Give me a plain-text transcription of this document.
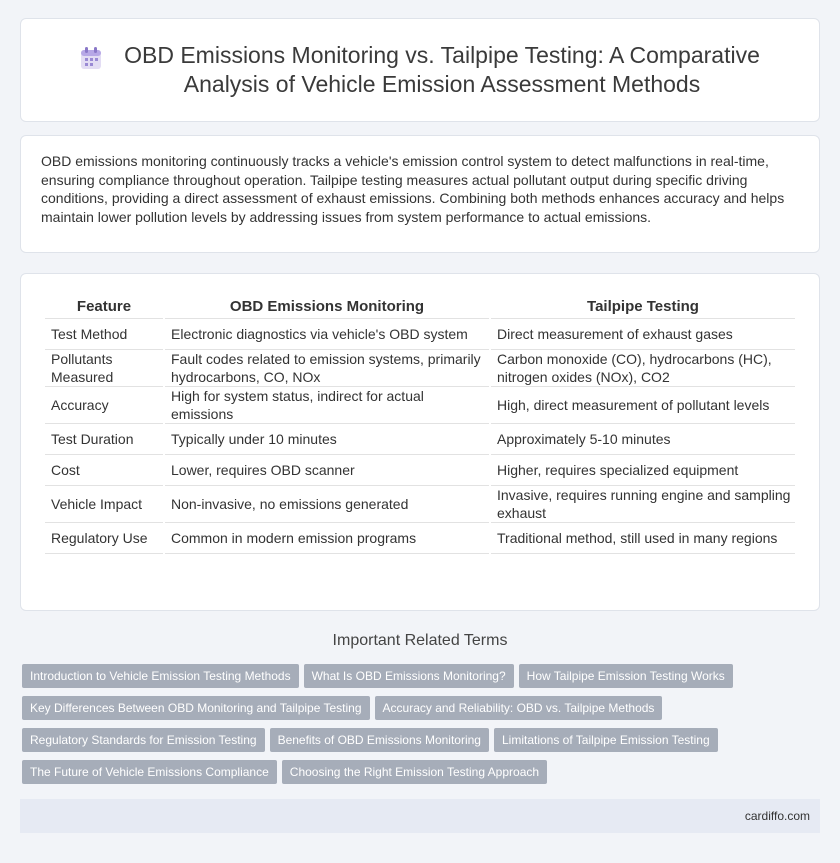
OBD Emissions Monitoring vs. Tailpipe Testing: A Comparative Analysis of Vehicle Emission Assessment Methods
OBD emissions monitoring continuously tracks a vehicle's emission control system to detect malfunctions in real-time, ensuring compliance throughout operation. Tailpipe testing measures actual pollutant output during specific driving conditions, providing a direct assessment of exhaust emissions. Combining both methods enhances accuracy and helps maintain lower pollution levels by addressing issues from system performance to actual emissions.
Feature	OBD Emissions Monitoring	Tailpipe Testing
Test Method	Electronic diagnostics via vehicle's OBD system	Direct measurement of exhaust gases
Pollutants Measured	Fault codes related to emission systems, primarily hydrocarbons, CO, NOx	Carbon monoxide (CO), hydrocarbons (HC), nitrogen oxides (NOx), CO2
Accuracy	High for system status, indirect for actual emissions	High, direct measurement of pollutant levels
Test Duration	Typically under 10 minutes	Approximately 5-10 minutes
Cost	Lower, requires OBD scanner	Higher, requires specialized equipment
Vehicle Impact	Non-invasive, no emissions generated	Invasive, requires running engine and sampling exhaust
Regulatory Use	Common in modern emission programs	Traditional method, still used in many regions
Important Related Terms
Introduction to Vehicle Emission Testing Methods What Is OBD Emissions Monitoring? How Tailpipe Emission Testing Works
Key Differences Between OBD Monitoring and Tailpipe Testing Accuracy and Reliability: OBD vs. Tailpipe Methods
Regulatory Standards for Emission Testing Benefits of OBD Emissions Monitoring Limitations of Tailpipe Emission Testing
The Future of Vehicle Emissions Compliance Choosing the Right Emission Testing Approach
cardiffo.com
